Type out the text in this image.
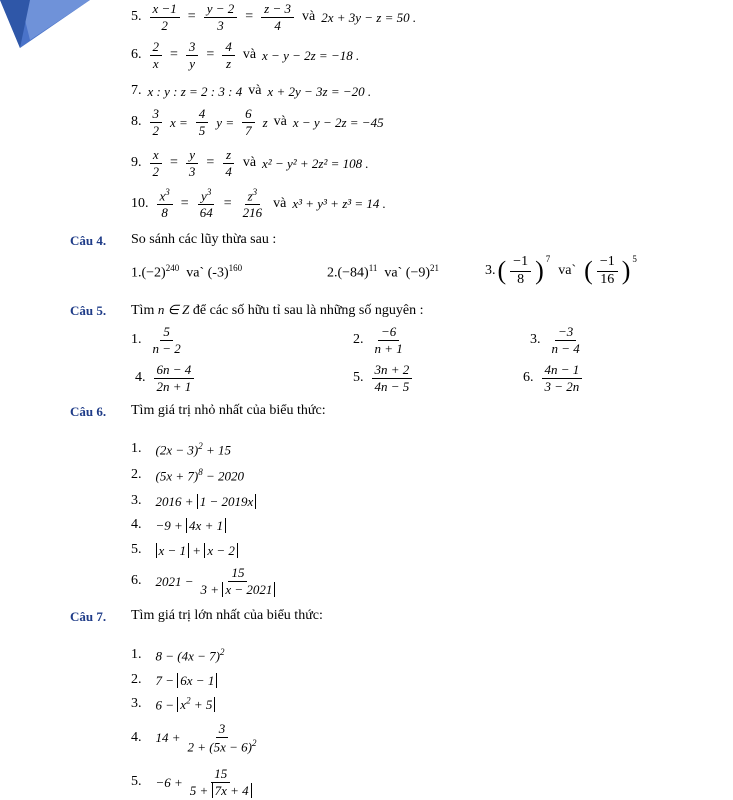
5. $\frac{x -1}{2} = \frac{y - 2}{3} = \frac{z - 3}{4}$ và 2x + 3y − z = 50 .
6. $\frac{2}{x} = \frac{3}{y} = \frac{4}{z}$ và x − y − 2z = −18 .
7. x : y : z = 2 : 3 : 4 và x + 2y − 3z = −20 .
8. $\frac{3}{2}$ $x = \frac{4}{5}$ $y = \frac{6}{7}$ z và x − y − 2z = −45
9. $\frac{x}{2} = \frac{y}{3} = \frac{z}{4}$ và x² − y² + 2z² = 108 .
10. $\frac{x^3}{8} = \frac{y^3}{64} = \frac{z^3}{216}$ và x³ + y³ + z³ = 14 .
Câu 4. So sánh các lũy thừa sau :
$1.(-2)^{240}$ va` $(-3)^{160}$	$2.(-84)^{11}$ va` $(-9)^{21}$	3. ( $\frac{-1}{8} )^7$
va` ( $\frac{-1}{16} )^5$
Câu 5. Tìm n ∈ Z để các số hữu tỉ sau là những số nguyên :
1. $\frac{5}{n - 2}$	2. $\frac{-6}{n + 1}$	3. $\frac{-3}{n - 4}$
4. $\frac{6n - 4}{2n + 1}$	5. $\frac{3n + 2}{4n - 5}$	6. $\frac{4n - 1}{3 - 2n}$
Câu 6. Tìm giá trị nhỏ nhất của biểu thức:
1. $(2x - 3)^2 + 15$
2. $(5x + 7)^8 - 2020$
3. 2016 + 1 − 2019x
4. −9 + 4x + 1
5. x − 1 + x − 2
6. $2021 - \frac{15}{3 + x - 2021}$
Câu 7. Tìm giá trị lớn nhất của biểu thức:
1. $8 - (4x - 7)^2$
2. 7 − 6x − 1
3. $6 - x^2 + 5$
4. $14 + \frac{3}{2 + (5x - 6)^2}$
5. $-6 + \frac{15}{5 + 7x + 4}$
